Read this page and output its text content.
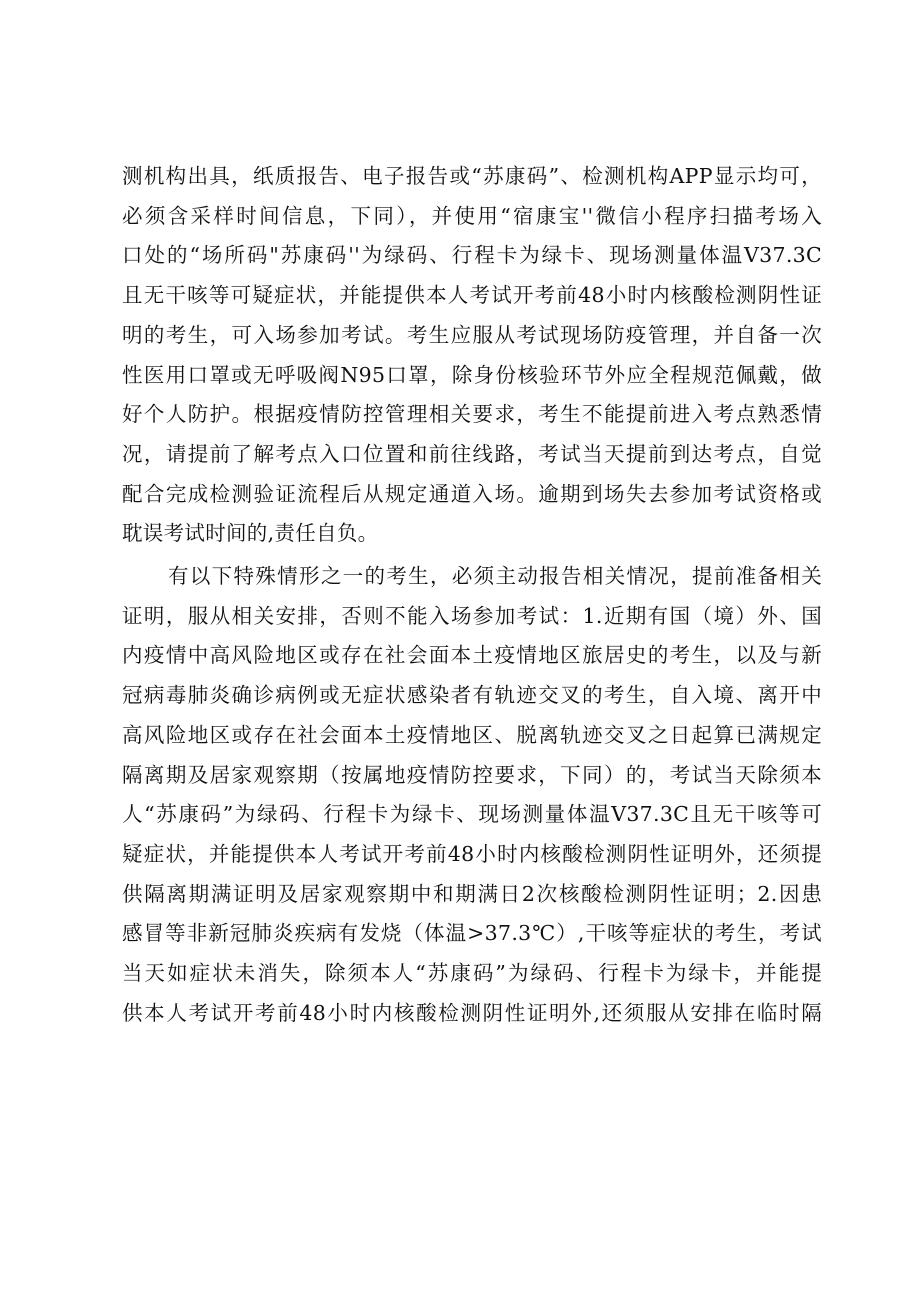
测机构出具，纸质报告、电子报告或“苏康码”、检测机构APP显示均可，
必须含采样时间信息，下同），并使用“宿康宝''微信小程序扫描考场入
口处的“场所码"苏康码''为绿码、行程卡为绿卡、现场测量体温V37.3C
且无干咳等可疑症状，并能提供本人考试开考前48小时内核酸检测阴性证
明的考生，可入场参加考试。考生应服从考试现场防疫管理，并自备一次
性医用口罩或无呼吸阀N95口罩，除身份核验环节外应全程规范佩戴，做
好个人防护。根据疫情防控管理相关要求，考生不能提前进入考点熟悉情
况，请提前了解考点入口位置和前往线路，考试当天提前到达考点，自觉
配合完成检测验证流程后从规定通道入场。逾期到场失去参加考试资格或
耽误考试时间的,责任自负。

有以下特殊情形之一的考生，必须主动报告相关情况，提前准备相关
证明，服从相关安排，否则不能入场参加考试：1.近期有国（境）外、国
内疫情中高风险地区或存在社会面本土疫情地区旅居史的考生，以及与新
冠病毒肺炎确诊病例或无症状感染者有轨迹交叉的考生，自入境、离开中
高风险地区或存在社会面本土疫情地区、脱离轨迹交叉之日起算已满规定
隔离期及居家观察期（按属地疫情防控要求，下同）的，考试当天除须本
人“苏康码”为绿码、行程卡为绿卡、现场测量体温V37.3C且无干咳等可
疑症状，并能提供本人考试开考前48小时内核酸检测阴性证明外，还须提
供隔离期满证明及居家观察期中和期满日2次核酸检测阴性证明；2.因患
感冒等非新冠肺炎疾病有发烧（体温>37.3℃）,干咳等症状的考生，考试
当天如症状未消失，除须本人“苏康码”为绿码、行程卡为绿卡，并能提
供本人考试开考前48小时内核酸检测阴性证明外,还须服从安排在临时隔
